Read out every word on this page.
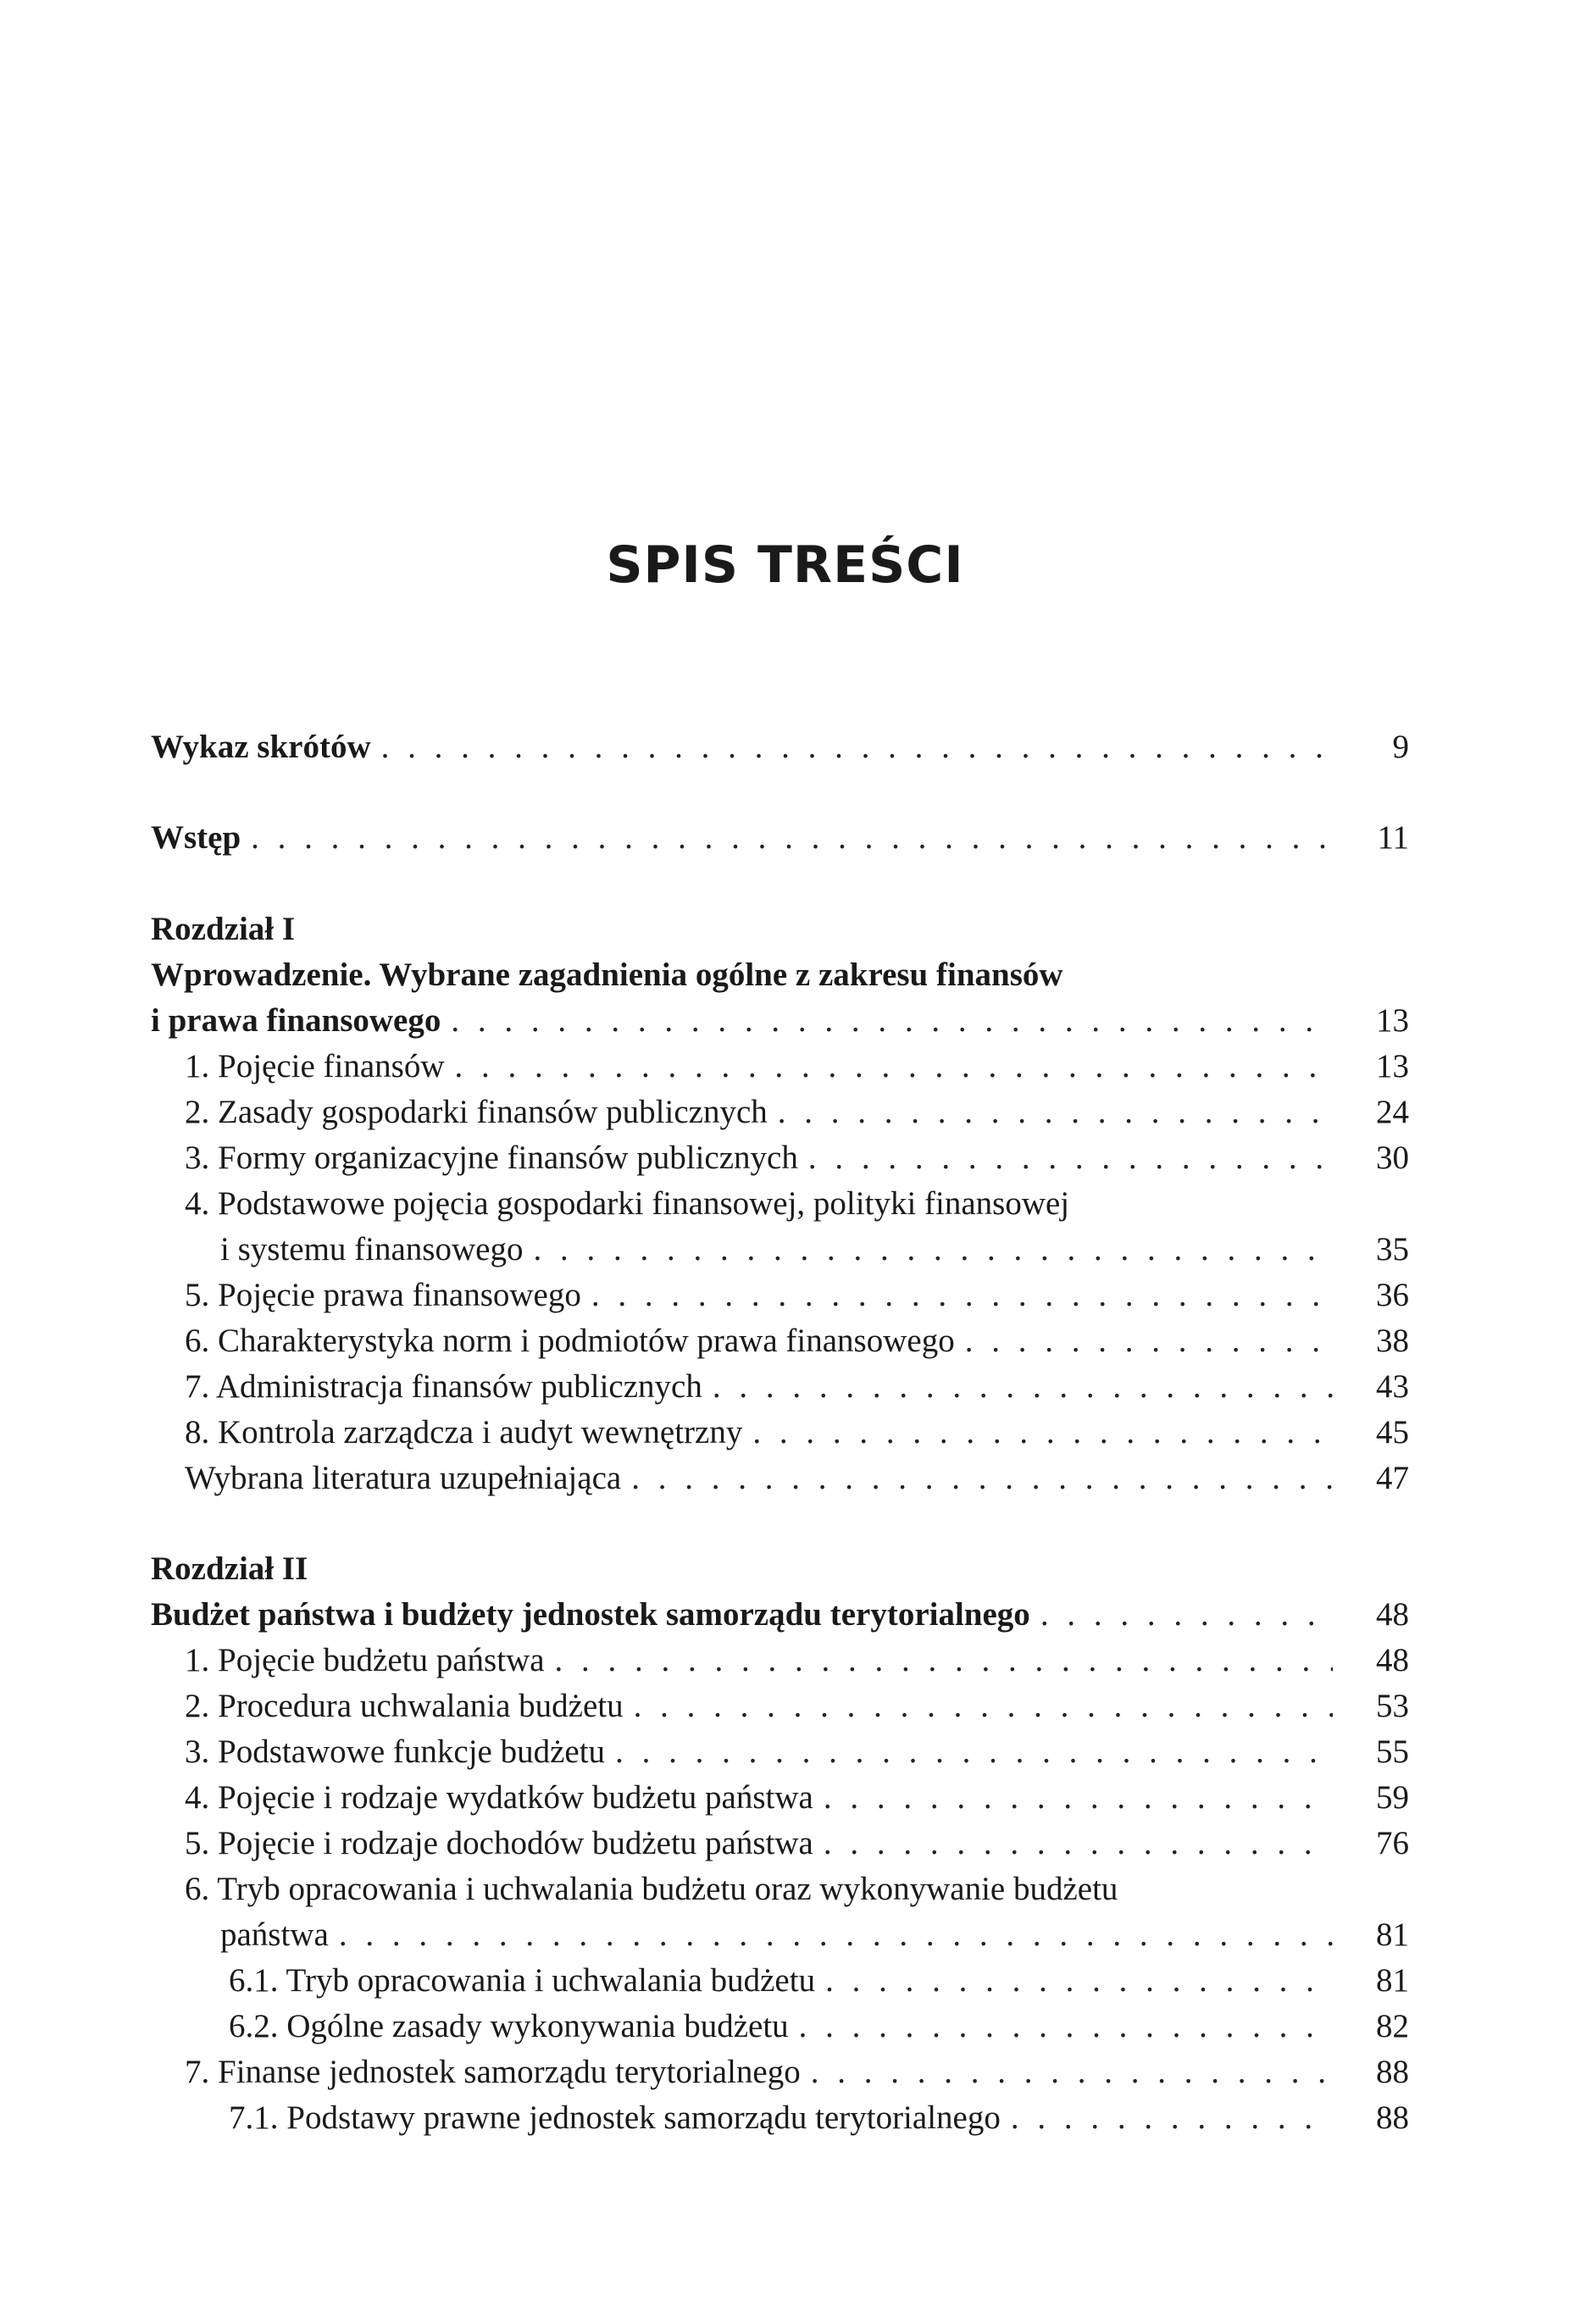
SPIS TREŚCI
Wykaz skrótów . . .	9
Wstęp . . .	11
Rozdział I
Wprowadzenie. Wybrane zagadnienia ogólne z zakresu finansów
i prawa finansowego . . .	13
1. Pojęcie finansów . . .	13
2. Zasady gospodarki finansów publicznych . . .	24
3. Formy organizacyjne finansów publicznych . . .	30
4. Podstawowe pojęcia gospodarki finansowej, polityki finansowej
i systemu finansowego . . .	35
5. Pojęcie prawa finansowego . . .	36
6. Charakterystyka norm i podmiotów prawa finansowego . . .	38
7. Administracja finansów publicznych . . .	43
8. Kontrola zarządcza i audyt wewnętrzny . . .	45
Wybrana literatura uzupełniająca . . .	47
Rozdział II
Budżet państwa i budżety jednostek samorządu terytorialnego . . .	48
1. Pojęcie budżetu państwa . . .	48
2. Procedura uchwalania budżetu . . .	53
3. Podstawowe funkcje budżetu . . .	55
4. Pojęcie i rodzaje wydatków budżetu państwa . . .	59
5. Pojęcie i rodzaje dochodów budżetu państwa . . .	76
6. Tryb opracowania i uchwalania budżetu oraz wykonywanie budżetu
państwa . . .	81
6.1. Tryb opracowania i uchwalania budżetu . . .	81
6.2. Ogólne zasady wykonywania budżetu . . .	82
7. Finanse jednostek samorządu terytorialnego . . .	88
7.1. Podstawy prawne jednostek samorządu terytorialnego . . .	88
